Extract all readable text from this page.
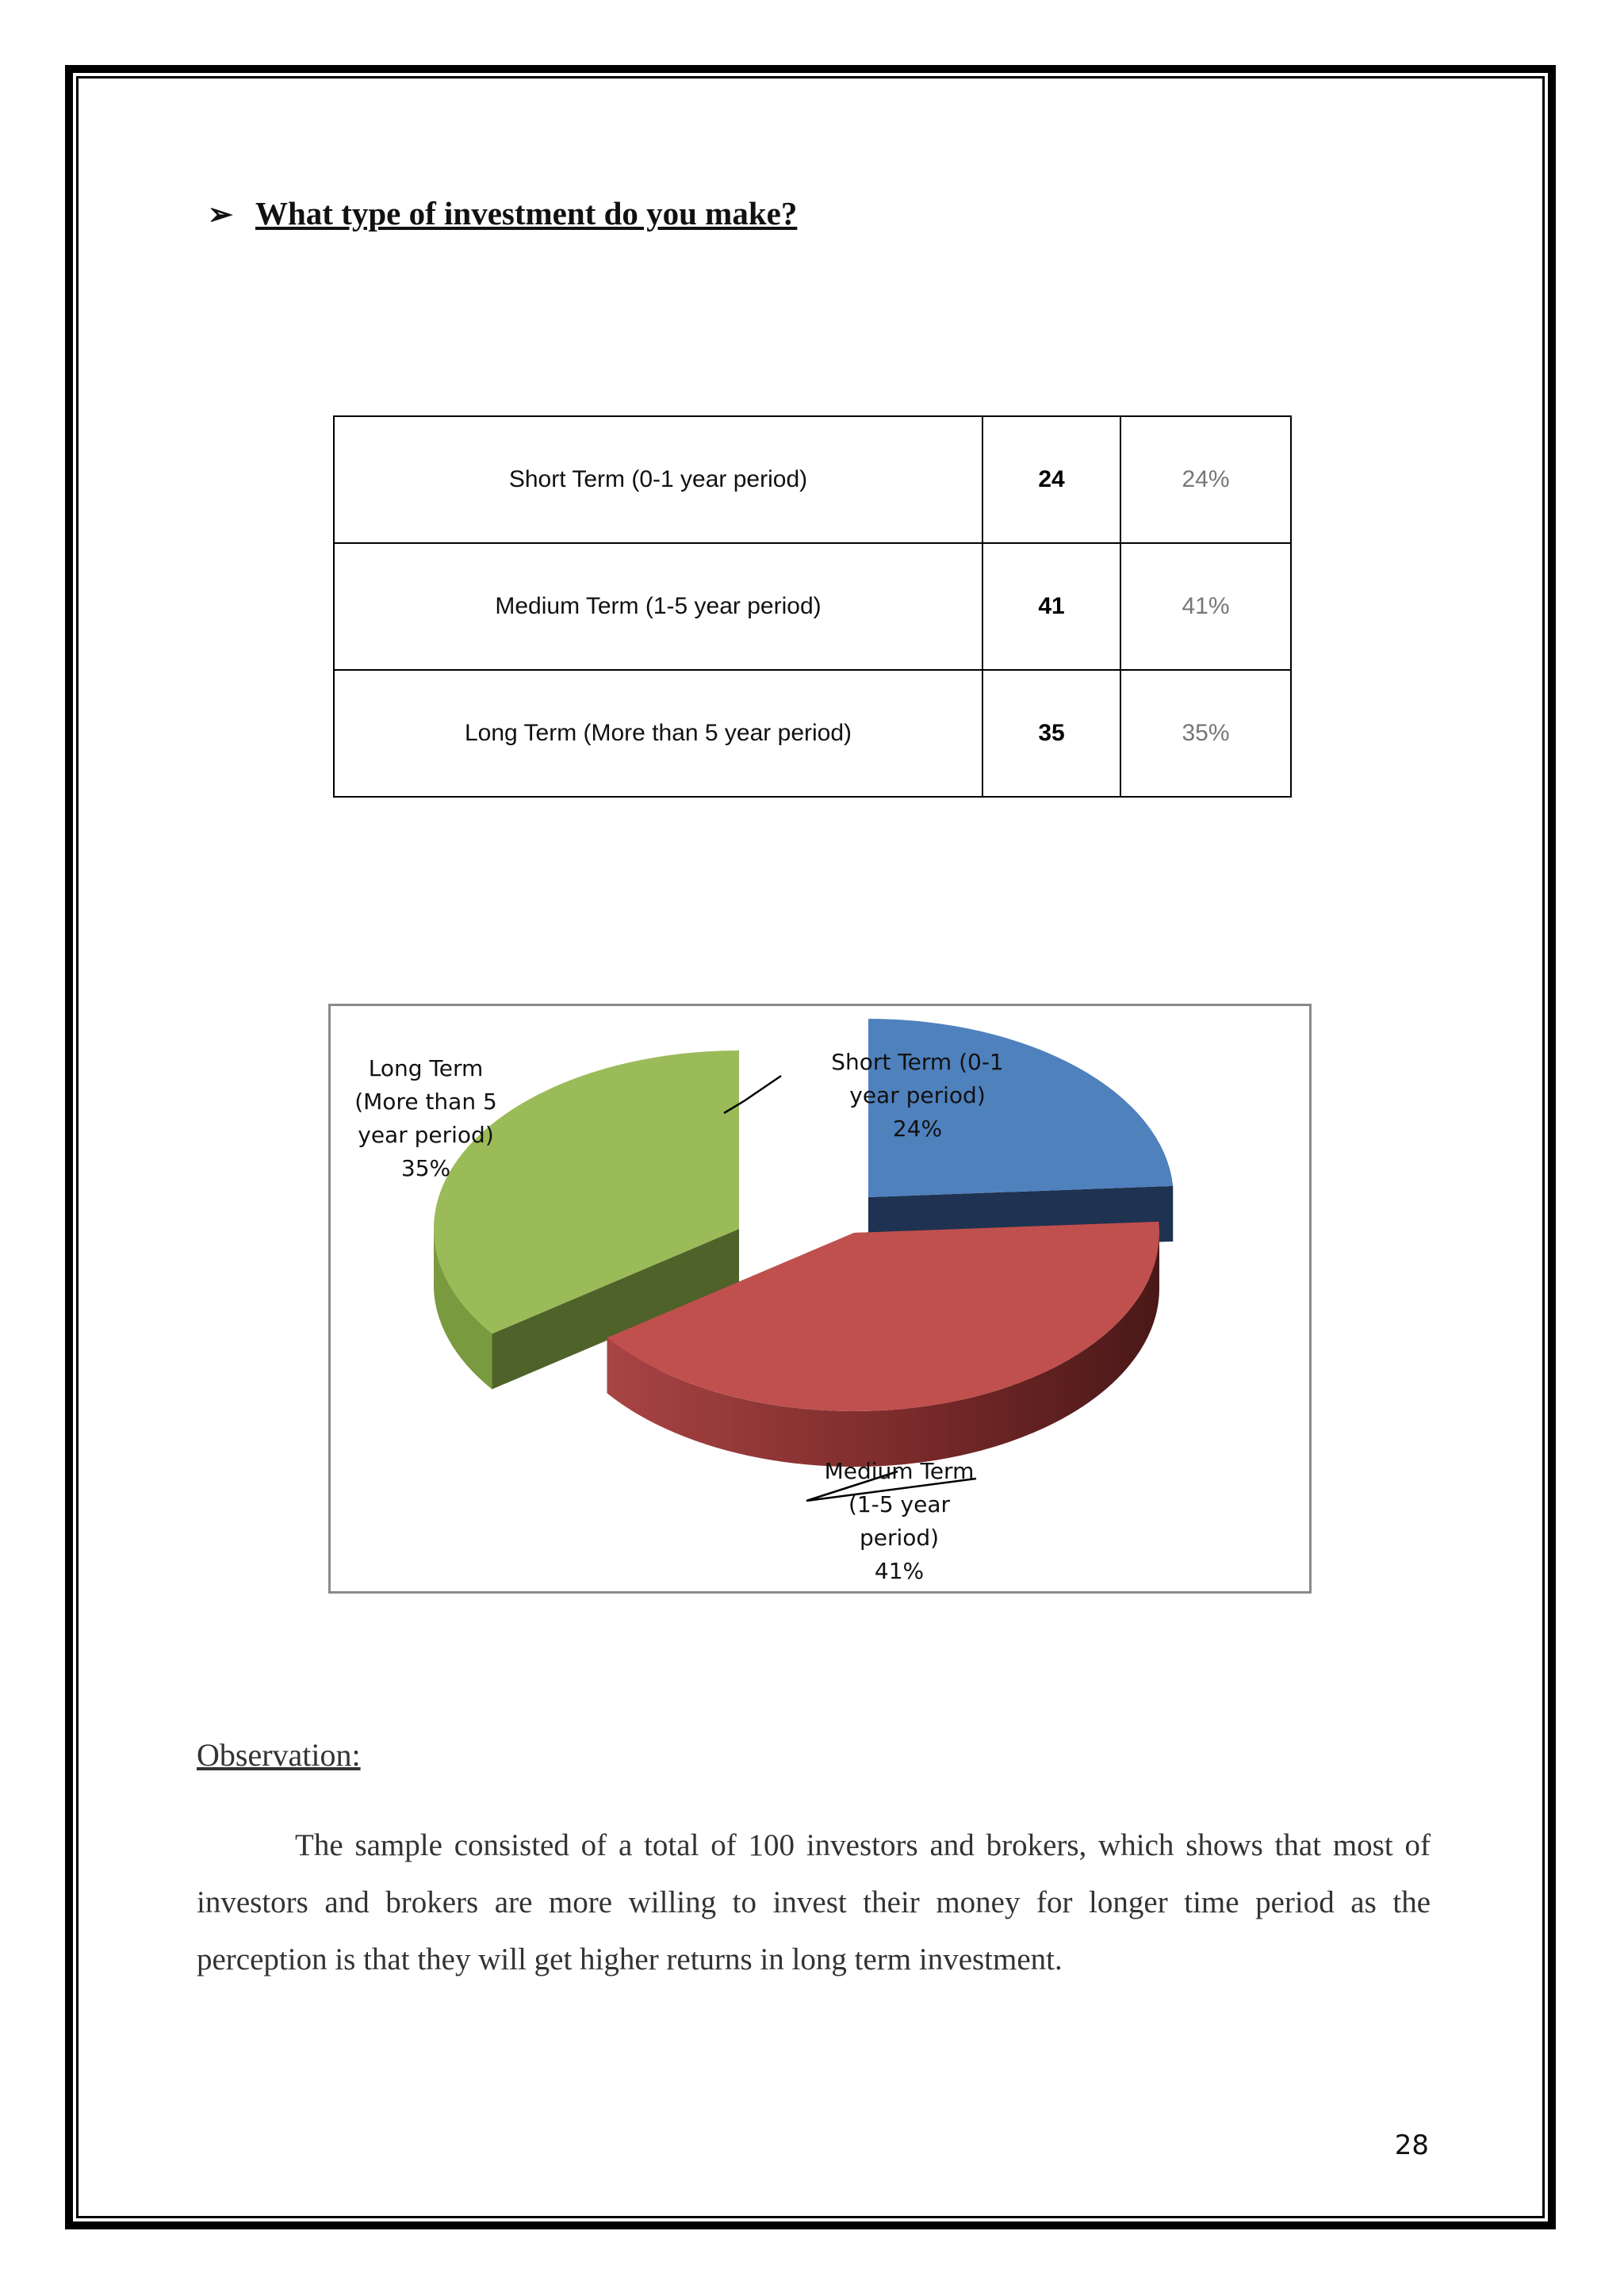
➢ What type of investment do you make?
Short Term (0-1 year period)	24	24%
Medium Term (1-5 year period)	41	41%
Long Term (More than 5 year period)	35	35%
Short Term (0-1 year period) 24%
Medium Term (1-5 year period) 41%
Long Term (More than 5 year period) 35%
Observation:

The sample consisted of a total of 100 investors and brokers, which shows that most of investors and brokers are more willing to invest their money for longer time period as the perception is that they will get higher returns in long term investment.

28
